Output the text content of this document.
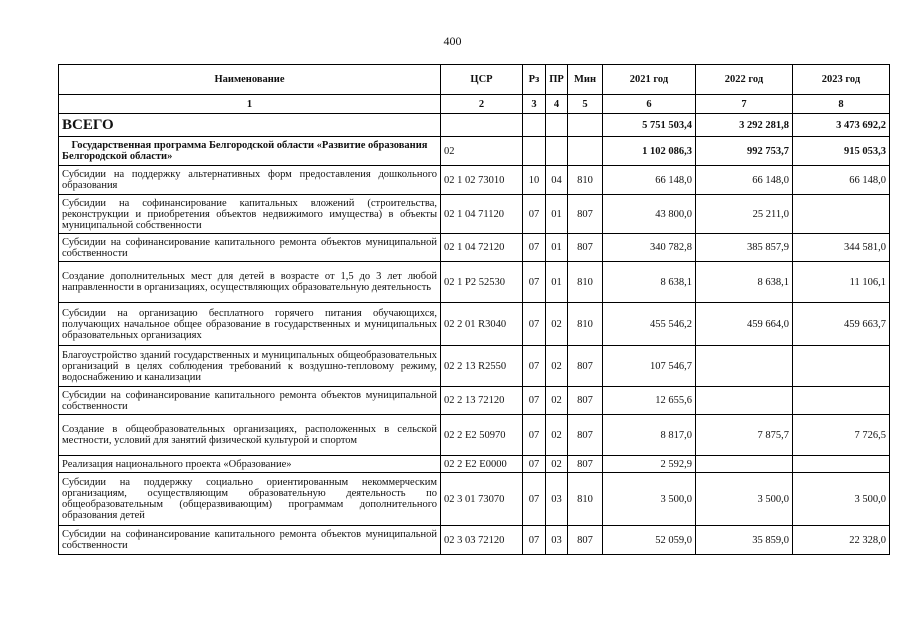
400
Наименование	ЦСР	Рз	ПР	Мин	2021 год	2022 год	2023 год
1	2	3	4	5	6	7	8
ВСЕГО					5 751 503,4	3 292 281,8	3 473 692,2
Государственная программа Белгородской области «Развитие образования Белгородской области»	02				1 102 086,3	992 753,7	915 053,3
Субсидии на поддержку альтернативных форм предоставления дошкольного образования	02 1 02 73010	10	04	810	66 148,0	66 148,0	66 148,0
Субсидии на софинансирование капитальных вложений (строительства, реконструкции и приобретения объектов недвижимого имущества) в объекты муниципальной собственности	02 1 04 71120	07	01	807	43 800,0	25 211,0	
Субсидии на софинансирование капитального ремонта объектов муниципальной собственности	02 1 04 72120	07	01	807	340 782,8	385 857,9	344 581,0
Создание дополнительных мест для детей в возрасте от 1,5 до 3 лет любой направленности в организациях, осуществляющих образовательную деятельность	02 1 P2 52530	07	01	810	8 638,1	8 638,1	11 106,1
Субсидии на организацию бесплатного горячего питания обучающихся, получающих начальное общее образование в государственных и муниципальных образовательных организациях	02 2 01 R3040	07	02	810	455 546,2	459 664,0	459 663,7
Благоустройство зданий государственных и муниципальных общеобразовательных организаций в целях соблюдения требований к воздушно-тепловому режиму, водоснабжению и канализации	02 2 13 R2550	07	02	807	107 546,7		
Субсидии на софинансирование капитального ремонта объектов муниципальной собственности	02 2 13 72120	07	02	807	12 655,6		
Создание в общеобразовательных организациях, расположенных в сельской местности, условий для занятий физической культурой и спортом	02 2 E2 50970	07	02	807	8 817,0	7 875,7	7 726,5
Реализация национального проекта «Образование»	02 2 E2 E0000	07	02	807	2 592,9		
Субсидии на поддержку социально ориентированным некоммерческим организациям, осуществляющим образовательную деятельность по общеобразовательным (общеразвивающим) программам дополнительного образования детей	02 3 01 73070	07	03	810	3 500,0	3 500,0	3 500,0
Субсидии на софинансирование капитального ремонта объектов муниципальной собственности	02 3 03 72120	07	03	807	52 059,0	35 859,0	22 328,0
